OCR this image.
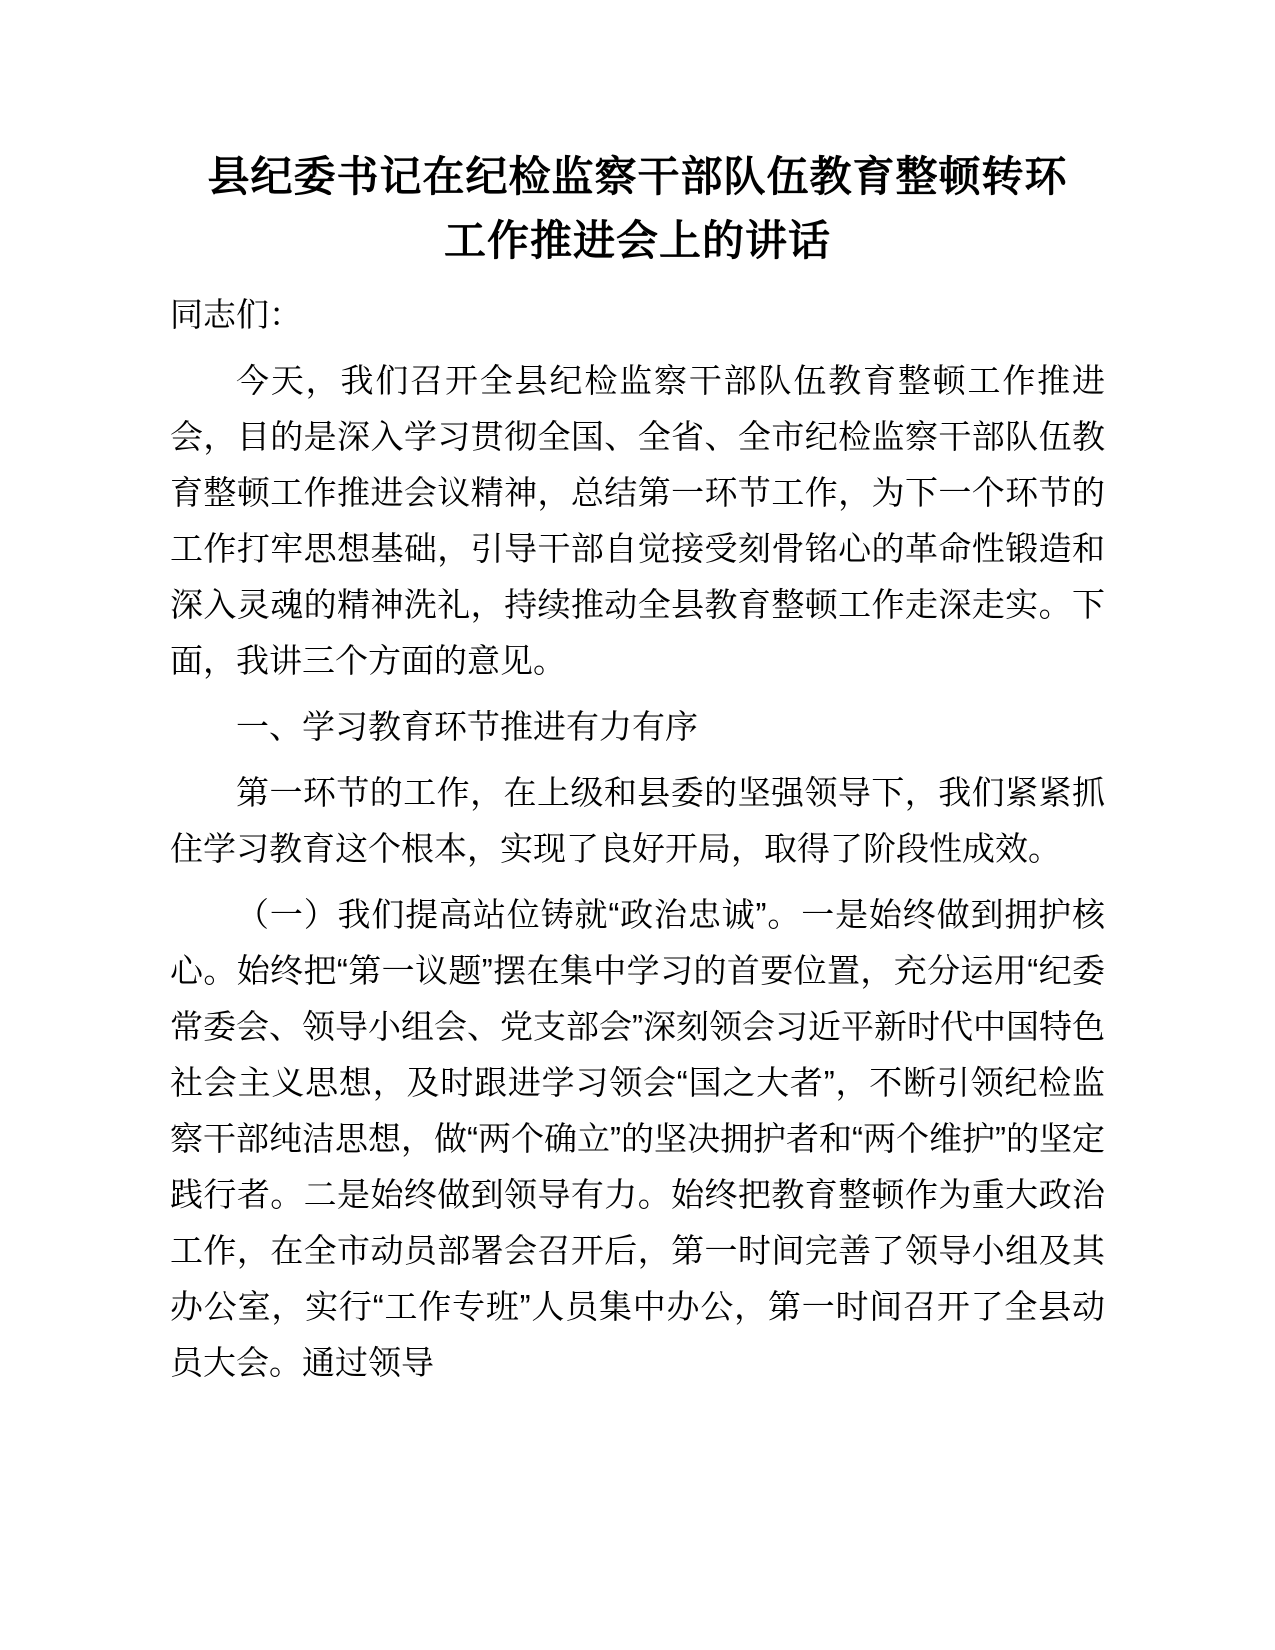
县纪委书记在纪检监察干部队伍教育整顿转环
工作推进会上的讲话

同志们：

今天，我们召开全县纪检监察干部队伍教育整顿工作推进会，目的是深入学习贯彻全国、全省、全市纪检监察干部队伍教育整顿工作推进会议精神，总结第一环节工作，为下一个环节的工作打牢思想基础，引导干部自觉接受刻骨铭心的革命性锻造和深入灵魂的精神洗礼，持续推动全县教育整顿工作走深走实。下面，我讲三个方面的意见。

一、学习教育环节推进有力有序

第一环节的工作，在上级和县委的坚强领导下，我们紧紧抓住学习教育这个根本，实现了良好开局，取得了阶段性成效。

（一）我们提高站位铸就“政治忠诚”。一是始终做到拥护核心。始终把“第一议题”摆在集中学习的首要位置，充分运用“纪委常委会、领导小组会、党支部会”深刻领会习近平新时代中国特色社会主义思想，及时跟进学习领会“国之大者”，不断引领纪检监察干部纯洁思想，做“两个确立”的坚决拥护者和“两个维护”的坚定践行者。二是始终做到领导有力。始终把教育整顿作为重大政治工作，在全市动员部署会召开后，第一时间完善了领导小组及其办公室，实行“工作专班”人员集中办公，第一时间召开了全县动员大会。通过领导
